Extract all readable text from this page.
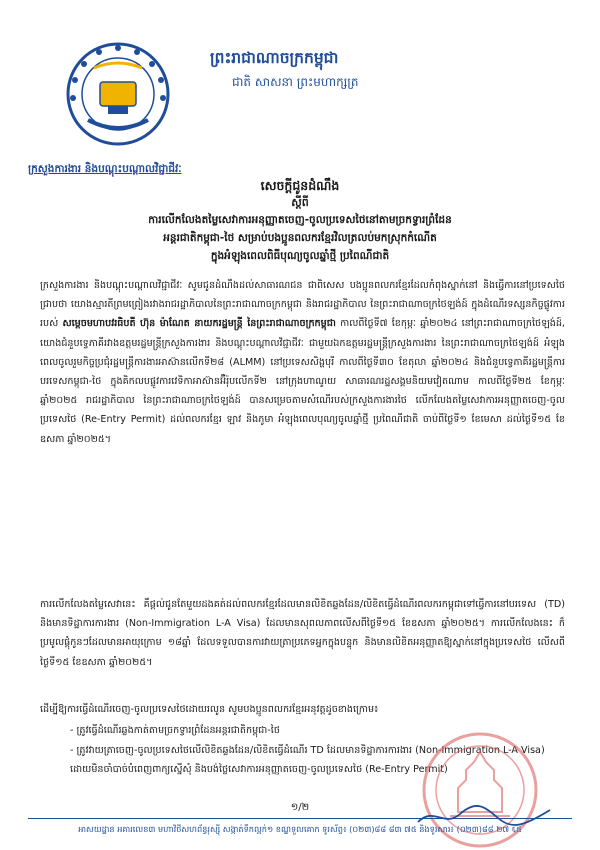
ព្រះរាជាណាចក្រកម្ពុជា
ជាតិ សាសនា ព្រះមហាក្សត្រ
ក្រសួងការងារ និងបណ្តុះបណ្តាលវិជ្ជាជីវៈ
សេចក្តីជូនដំណឹង
ស្តីពី
ការលើកលែងតម្លៃសេវាការអនុញ្ញាតចេញ-ចូលប្រទេសថៃនៅតាមច្រកទ្វារព្រំដែន
អន្តរជាតិកម្ពុជា-ថៃ សម្រាប់បងប្អូនពលករខ្មែរវិលត្រលប់មកស្រុកកំណើត
ក្នុងអំឡុងពេលពិធីបុណ្យចូលឆ្នាំថ្មី ប្រពៃណីជាតិ
ក្រសួងការងារ និងបណ្តុះបណ្តាលវិជ្ជាជីវៈ សូមជូនដំណឹងដល់សាធារណជន ជាពិសេស បងប្អូនពលករខ្មែរដែលកំពុងស្នាក់នៅ និងធ្វើការនៅប្រទេសថៃ ជ្រាបថា យោងស្មារតីព្រមព្រៀងរវាងរាជរដ្ឋាភិបាលនៃព្រះរាជាណាចក្រកម្ពុជា និងរាជរដ្ឋាភិបាល នៃព្រះរាជាណាចក្រថៃឡង់ដ៍ ក្នុងដំណើរទស្សនកិច្ចផ្លូវការ របស់ សម្តេចមហាបវរធិបតី ហ៊ុន ម៉ាណែត នាយករដ្ឋមន្ត្រី នៃព្រះរាជាណាចក្រកម្ពុជា កាលពីថ្ងៃទី៧ ខែកុម្ភៈ ឆ្នាំ២០២៤ នៅព្រះរាជាណាចក្រថៃឡង់ដ៍, យោងជំនួបទ្វេភាគីរវាងឧត្តមរដ្ឋមន្ត្រីក្រសួងការងារ និងបណ្តុះបណ្តាលវិជ្ជាជីវៈ ជាមួយឯកឧត្តមរដ្ឋមន្ត្រីក្រសួងការងារ នៃព្រះរាជាណាចក្រថៃឡង់ដ៍ អំឡុងពេលចូលរួមកិច្ចប្រជុំរដ្ឋមន្ត្រីការងារអាស៊ានលើកទី២៨ (ALMM) នៅប្រទេសសិង្ហបុរី កាលពីថ្ងៃទី៣០ ខែតុលា ឆ្នាំ២០២៤ និងជំនួបទ្វេភាគីរដ្ឋមន្ត្រីការបរទេសកម្ពុជា-ថៃ ក្នុងគិកលបផ្លូវការវេទិកាអាស៊ានអ៊ឺរ៉ុបលើកទី២ នៅក្រុងហាណូយ សាធារណរដ្ឋសង្គមនិយមវៀតណាម កាលពីថ្ងៃទី២៥ ខែកុម្ភៈ ឆ្នាំ២០២៥ រាជរដ្ឋាភិបាល នៃព្រះរាជាណាចក្រថៃឡង់ដ៍ បានសម្រេចតាមសំណើរបស់ក្រសួងការងារថៃ លើកលែងតម្លៃសេវាការអនុញ្ញាតចេញ-ចូលប្រទេសថៃ (Re-Entry Permit) ដល់ពលករខ្មែរ ឡាវ និងភូមា អំឡុងពេលបុណ្យចូលឆ្នាំថ្មី ប្រពៃណីជាតិ ចាប់ពីថ្ងៃទី១ ខែមេសា ដល់ថ្ងៃទី១៥ ខែឧសភា ឆ្នាំ២០២៥។
ការលើកលែងតម្លៃសេវានេះ គឺផ្តល់ជូនតែមួយដងគត់ដល់ពលករខ្មែរដែលមានលិខិតឆ្លងដែន/លិខិតធ្វើដំណើរពលករកម្ពុជាទៅធ្វើការនៅបរទេស (TD) និងមានទិដ្ឋាការការងារ (Non-Immigration L-A Visa) ដែលមានសុពលភាពលើសពីថ្ងៃទី១៥ ខែឧសភា ឆ្នាំ២០២៥។ ការលើកលែងនេះ ក៏ប្រមូលផ្តុំកូនៗដែលមានអាយុក្រោម ១៨ឆ្នាំ ដែលទទួលបានការវាយត្រាប្រភេទអ្នកក្នុងបន្ទុក និងមានលិខិតអនុញ្ញាតឱ្យស្នាក់នៅក្នុងប្រទេសថៃ លើសពីថ្ងៃទី១៥ ខែឧសភា ឆ្នាំ២០២៥។
ដើម្បីឱ្យការធ្វើដំណើរចេញ-ចូលប្រទេសថៃដោយរលូន សូមបងប្អូនពលករខ្មែរអនុវត្តដូចខាងក្រោម៖
- ត្រូវធ្វើដំណើរឆ្លងកាត់តាមច្រកទ្វារព្រំដែនអន្តរជាតិកម្ពុជា-ថៃ
- ត្រូវវាយត្រាចេញ-ចូលប្រទេសថៃលើលិខិតឆ្លងដែន/លិខិតធ្វើដំណើរ TD ដែលមានទិដ្ឋាការការងារ (Non-Immigration L-A Visa) ដោយមិនចាំបាច់បំពេញពាក្យស្នើសុំ និងបង់ថ្លៃសេវាការអនុញ្ញាតចេញ-ចូលប្រទេសថៃ (Re-Entry Permit)
១/២
អាសយដ្ឋាន អគារលេខ៣ មហាវិថីសហព័ន្ធរុស្ស៊ី សង្កាត់ទឹកល្អក់១ ខណ្ឌទួលគោក ទូរស័ព្ទ៖ (០២៣)៨៨ ៨៣ ៧៥ និងទូរសារ៖ (០២៣)៨៨ ២៧ ६៥
